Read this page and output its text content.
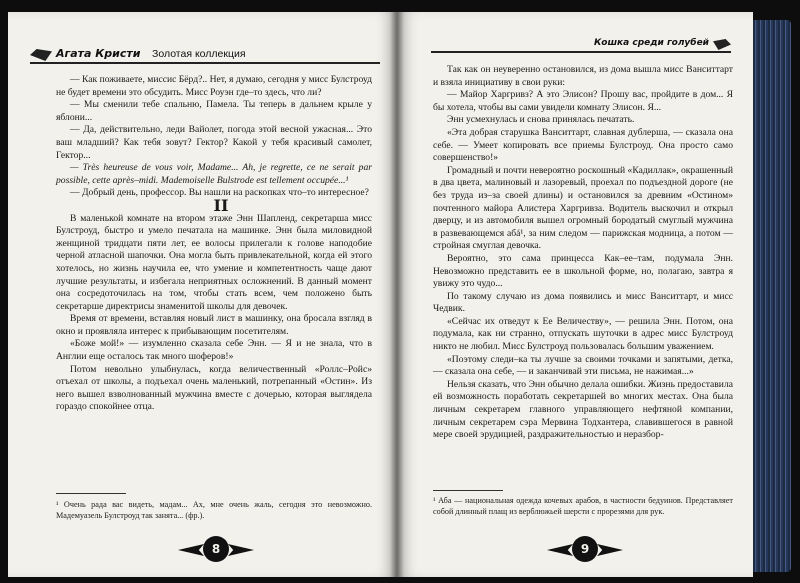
Агата Кристи Золотая коллекция

— Как поживаете, миссис Бёрд?.. Нет, я думаю, сегодня у мисс Булстроуд не будет времени это обсудить. Мисс Роуэн где–то здесь, что ли?

— Мы сменили тебе спальню, Памела. Ты теперь в дальнем крыле у яблони...

— Да, действительно, леди Вайолет, погода этой весной ужасная... Это ваш младший? Как тебя зовут? Гектор? Какой у тебя красивый самолет, Гектор...

— Très heureuse de vous voir, Madame... Ah, je regrette, ce ne serait par possible, cette après–midi. Mademoiselle Bulstrode est tellement occupée...¹

— Добрый день, профессор. Вы нашли на раскопках что–то интересное?

II

В маленькой комнате на втором этаже Энн Шапленд, секретарша мисс Булстроуд, быстро и умело печатала на машинке. Энн была миловидной женщиной тридцати пяти лет, ее волосы прилегали к голове наподобие черной атласной шапочки. Она могла быть привлекательной, когда ей этого хотелось, но жизнь научила ее, что умение и компетентность чаще дают лучшие результаты, и избегала неприятных осложнений. В данный момент она сосредоточилась на том, чтобы стать всем, чем положено быть секретарше директрисы знаменитой школы для девочек.

Время от времени, вставляя новый лист в машинку, она бросала взгляд в окно и проявляла интерес к прибывающим посетителям.

«Боже мой!» — изумленно сказала себе Энн. — Я и не знала, что в Англии еще осталось так много шоферов!»

Потом невольно улыбнулась, когда величественный «Роллс–Ройс» отъехал от школы, а подъехал очень маленький, потрепанный «Остин». Из него вышел взволнованный мужчина вместе с дочерью, которая выглядела гораздо спокойнее отца.

¹ Очень рада вас видеть, мадам... Ах, мне очень жаль, сегодня это невозможно. Мадемуазель Булстроуд так занята... (фр.).
8
Кошка среди голубей

Так как он неуверенно остановился, из дома вышла мисс Ванситтарт и взяла инициативу в свои руки:

— Майор Харгривз? А это Элисон? Прошу вас, пройдите в дом... Я бы хотела, чтобы вы сами увидели комнату Элисон. Я...

Энн усмехнулась и снова принялась печатать.

«Эта добрая старушка Ванситтарт, славная дублерша, — сказала она себе. — Умеет копировать все приемы Булстроуд. Она просто само совершенство!»

Громадный и почти невероятно роскошный «Кадиллак», окрашенный в два цвета, малиновый и лазоревый, проехал по подъездной дороге (не без труда из–за своей длины) и остановился за древним «Остином» почтенного майора Алистера Харгривза. Водитель выскочил и открыл дверцу, и из автомобиля вышел огромный бородатый смуглый мужчина в развевающемся абá¹, за ним следом — парижская модница, а потом — стройная смуглая девочка.

Вероятно, это сама принцесса Как–ее–там, подумала Энн. Невозможно представить ее в школьной форме, но, полагаю, завтра я увижу это чудо...

По такому случаю из дома появились и мисс Ванситтарт, и мисс Чедвик.

«Сейчас их отведут к Ее Величеству», — решила Энн. Потом, она подумала, как ни странно, отпускать шуточки в адрес мисс Булстроуд никто не любил. Мисс Булстроуд пользовалась большим уважением.

«Поэтому следи–ка ты лучше за своими точками и запятыми, детка, — сказала она себе, — и заканчивай эти письма, не нажимая...»

Нельзя сказать, что Энн обычно делала ошибки. Жизнь предоставила ей возможность поработать секретаршей во многих местах. Она была личным секретарем главного управляющего нефтяной компании, личным секретарем сэра Мервина Тодхантера, славившегося в равной мере своей эрудицией, раздражительностью и неразбор-

¹ Аба — национальная одежда кочевых арабов, в частности бедуинов. Представляет собой длинный плащ из верблюжьей шерсти с прорезями для рук.
9
